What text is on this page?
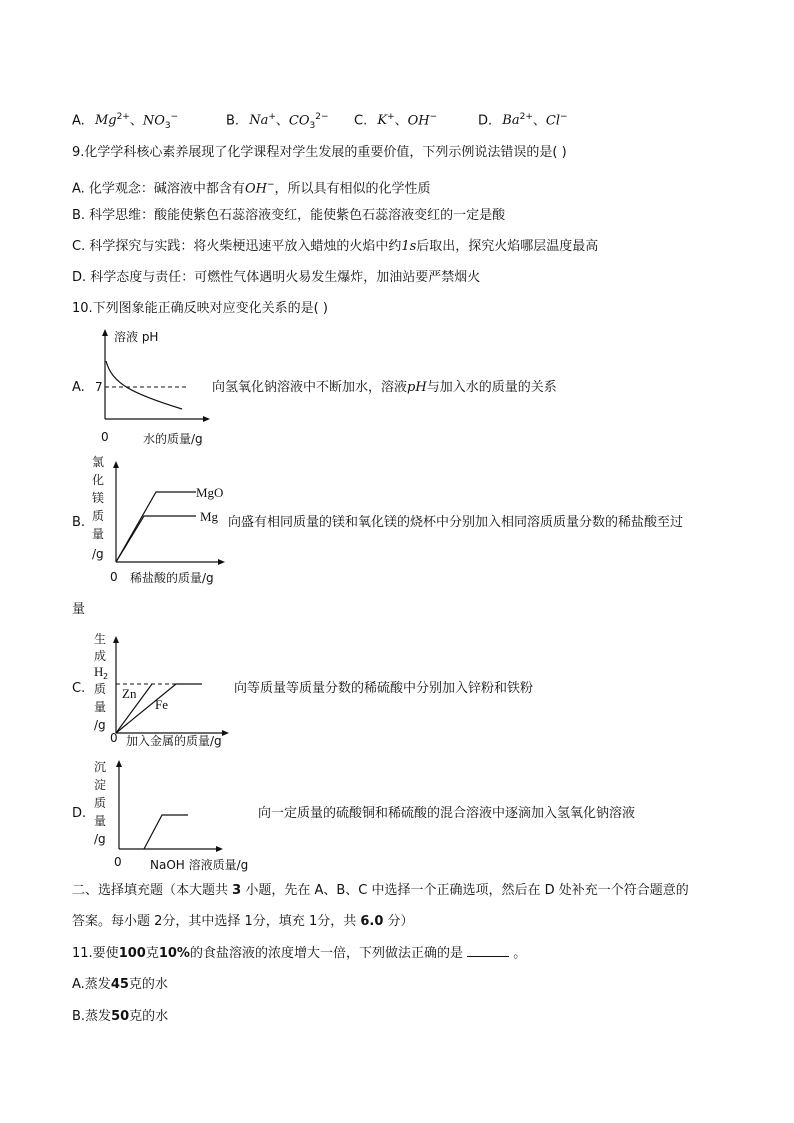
A. $Mg^{2+}$、$NO_3^-$	B. Na+、$CO_3^{2-}$ C. K+、OH−	D. $Ba^{2+}$、Cl−
9.化学学科核心素养展现了化学课程对学生发展的重要价值，下列示例说法错误的是( )
A. 化学观念：碱溶液中都含有OH−，所以具有相似的化学性质
B. 科学思维：酸能使紫色石蕊溶液变红，能使紫色石蕊溶液变红的一定是酸
C. 科学探究与实践：将火柴梗迅速平放入蜡烛的火焰中约1s后取出，探究火焰哪层温度最高
D. 科学态度与责任：可燃性气体遇明火易发生爆炸，加油站要严禁烟火
10.下列图象能正确反映对应变化关系的是( )
A.
溶液 pH
7
0	水的质量/g
向氢氧化钠溶液中不断加水，溶液pH与加入水的质量的关系
B.
氯
化
镁
质
量
/g
MgO
Mg
0 稀盐酸的质量/g
向盛有相同质量的镁和氧化镁的烧杯中分别加入相同溶质质量分数的稀盐酸至过
量
C.
生
成
H 2
质
量
/g
Zn
Fe
0 加入金属的质量/g
向等质量等质量分数的稀硫酸中分别加入锌粉和铁粉
D.
沉
淀
质
量
/g
0 NaOH 溶液质量/g
向一定质量的硫酸铜和稀硫酸的混合溶液中逐滴加入氢氧化钠溶液
二、选择填充题（本大题共 3 小题，先在 A、B、C 中选择一个正确选项，然后在 D 处补充一个符合题意的
答案。每小题 2分，其中选择 1分，填充 1分，共 6.0 分）
11.要使100克10%的食盐溶液的浓度增大一倍，下列做法正确的是	。
A.蒸发45克的水
B.蒸发50克的水
